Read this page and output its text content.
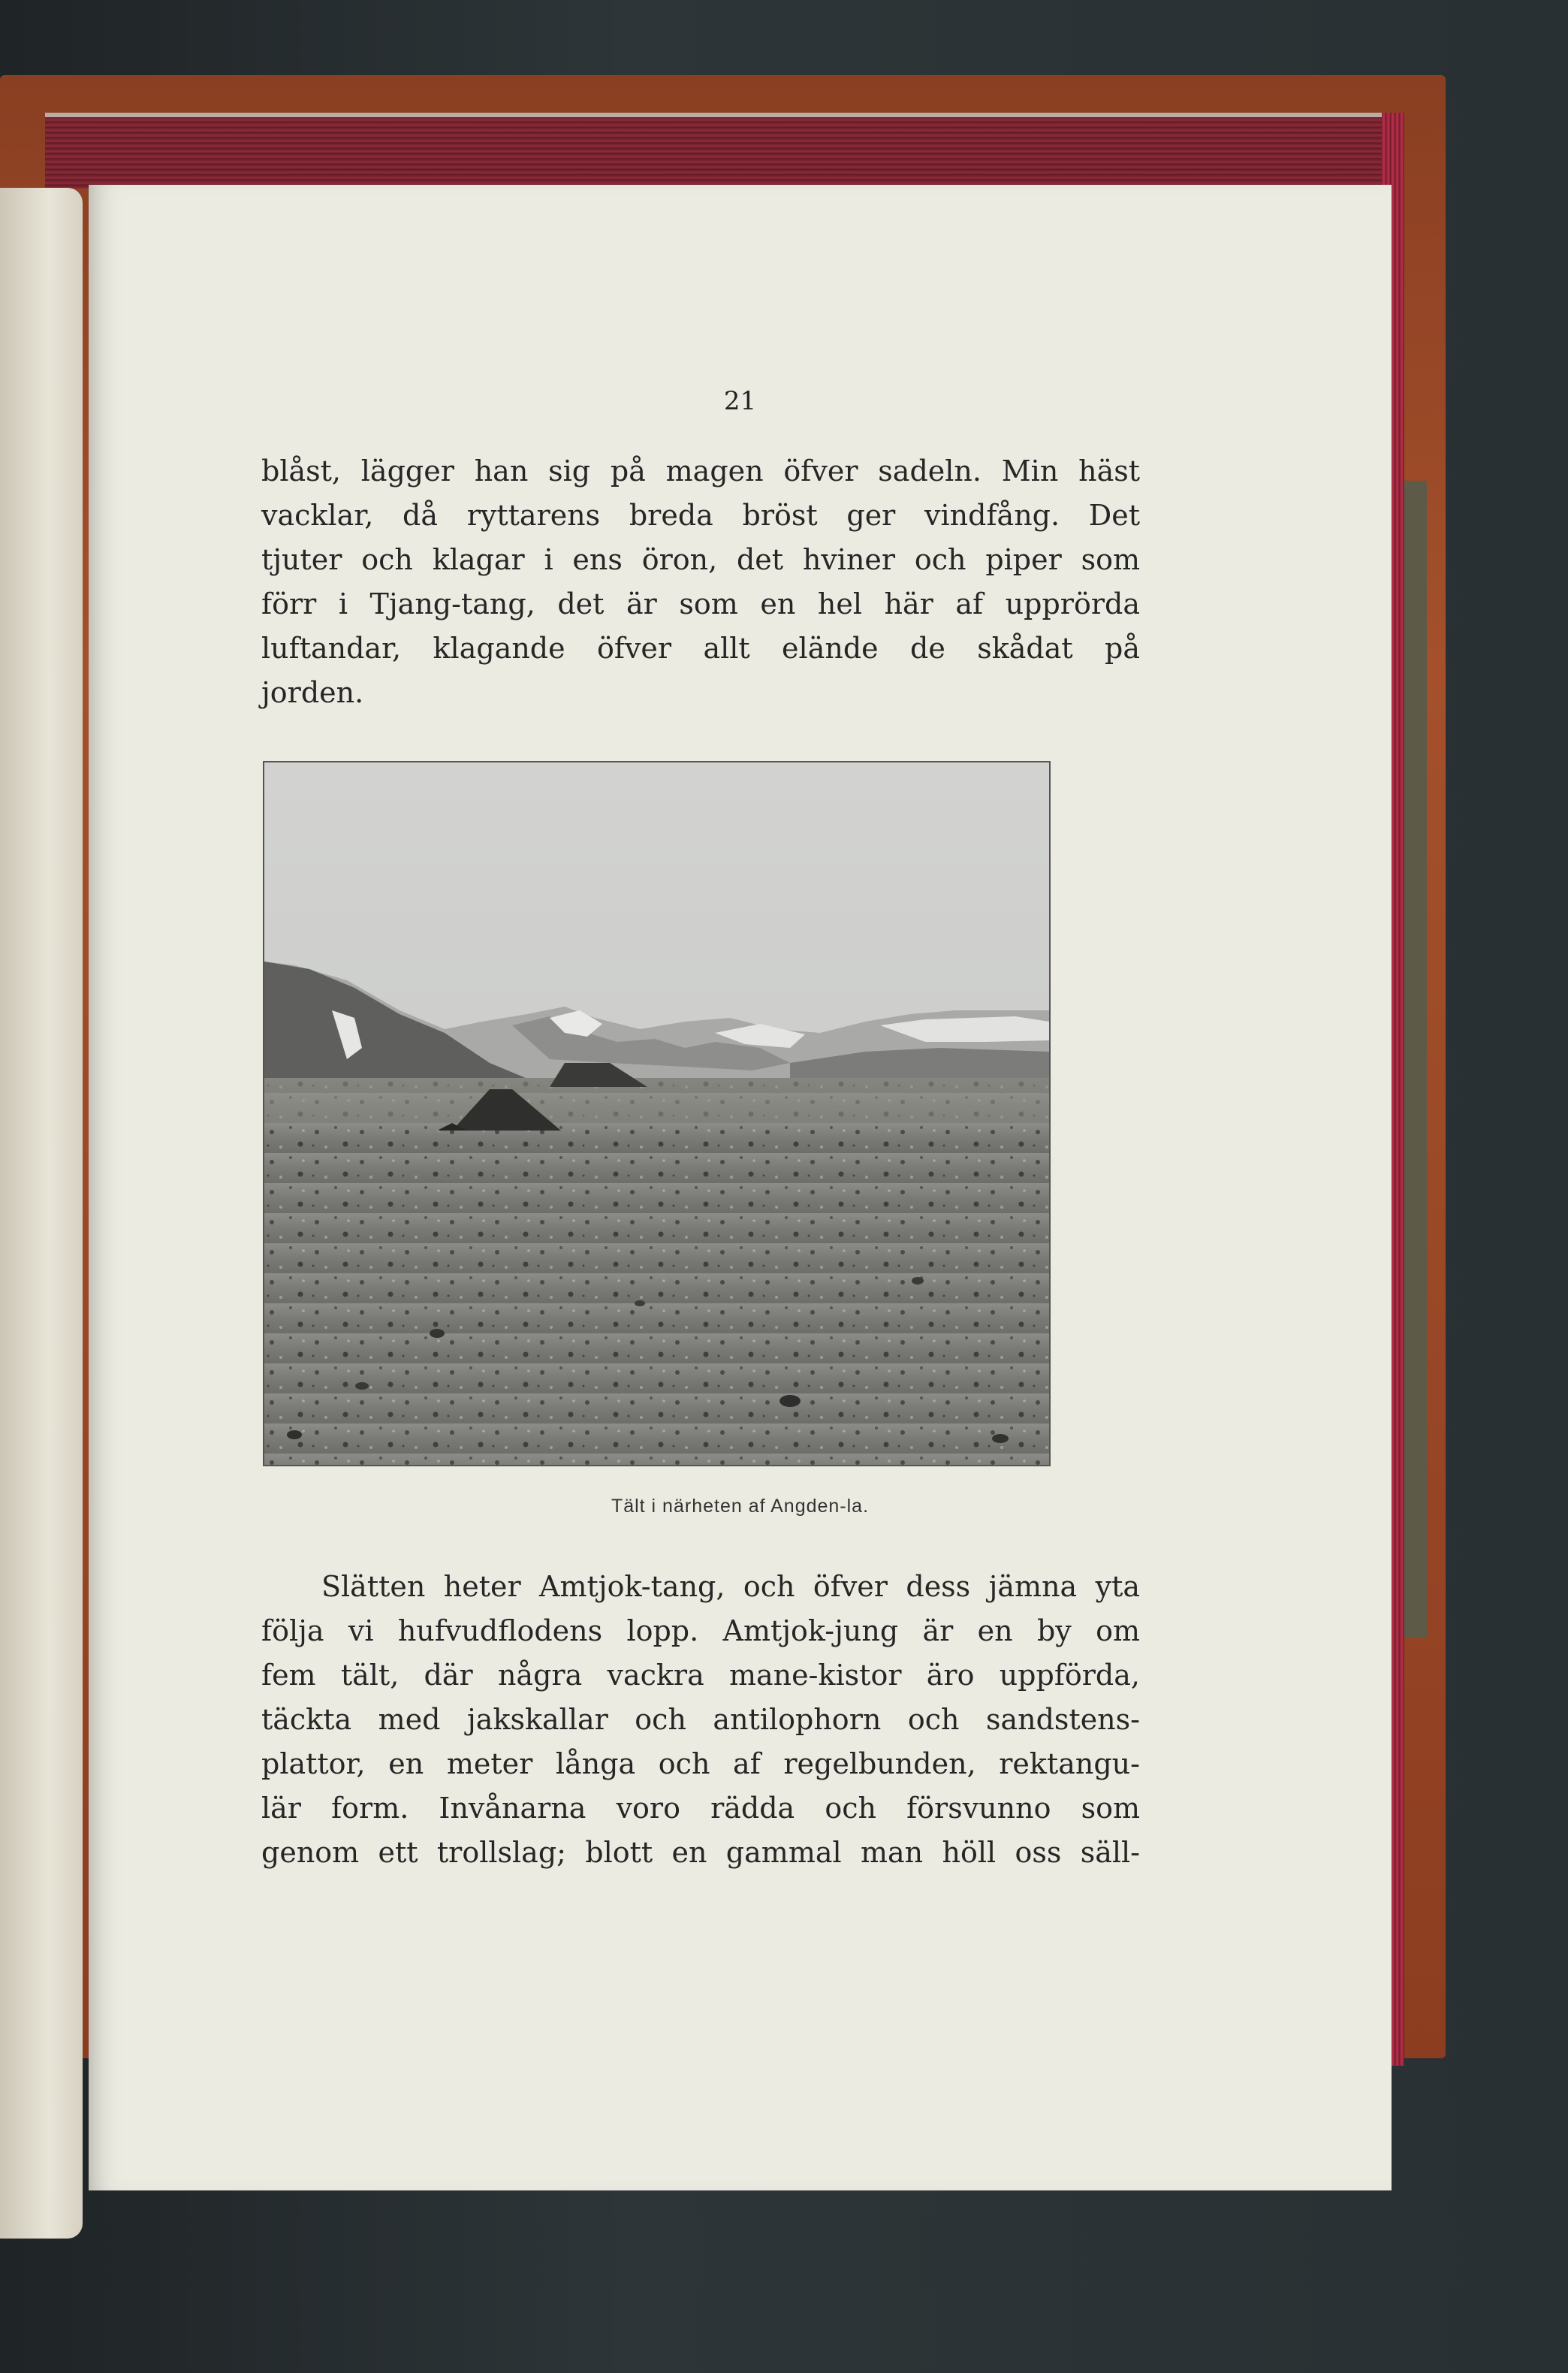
21
blåst, lägger han sig på magen öfver sadeln. Min häst
vacklar, då ryttarens breda bröst ger vindfång. Det
tjuter och klagar i ens öron, det hviner och piper som
förr i Tjang-tang, det är som en hel här af upprörda
luftandar, klagande öfver allt elände de skådat på
jorden.
Tält i närheten af Angden-la.
Slätten heter Amtjok-tang, och öfver dess jämna yta
följa vi hufvudflodens lopp. Amtjok-jung är en by om
fem tält, där några vackra mane-kistor äro uppförda,
täckta med jakskallar och antilophorn och sandstens-
plattor, en meter långa och af regelbunden, rektangu-
lär form. Invånarna voro rädda och försvunno som
genom ett trollslag; blott en gammal man höll oss säll-
